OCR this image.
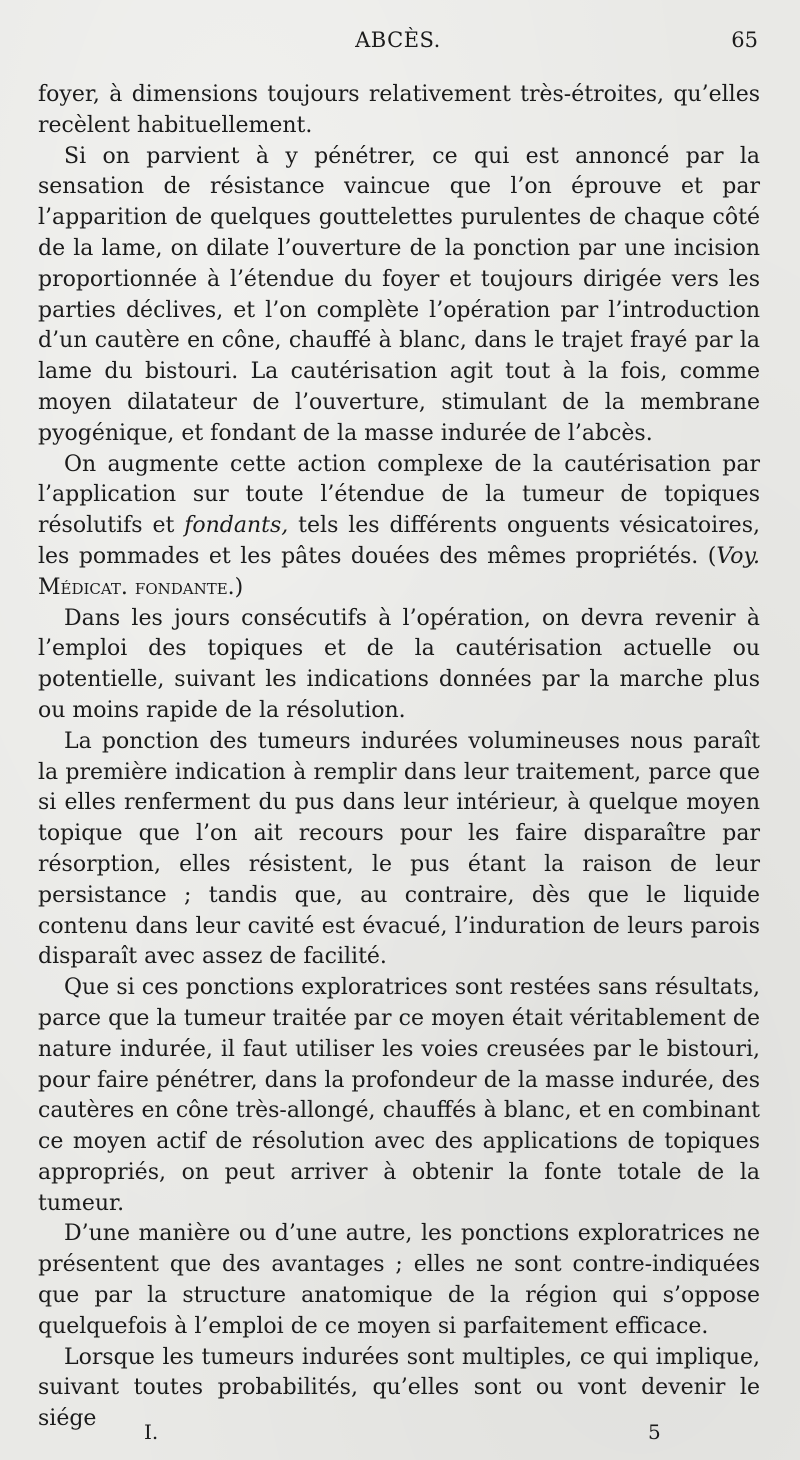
ABCÈS.	65

foyer, à dimensions toujours relativement très-étroites, qu’elles recèlent habituellement.

Si on parvient à y pénétrer, ce qui est annoncé par la sensation de résistance vaincue que l’on éprouve et par l’apparition de quelques gouttelettes purulentes de chaque côté de la lame, on dilate l’ouverture de la ponction par une incision proportionnée à l’étendue du foyer et toujours dirigée vers les parties déclives, et l’on complète l’opération par l’introduction d’un cautère en cône, chauffé à blanc, dans le trajet frayé par la lame du bistouri. La cautérisation agit tout à la fois, comme moyen dilatateur de l’ouverture, stimulant de la membrane pyogénique, et fondant de la masse indurée de l’abcès.

On augmente cette action complexe de la cautérisation par l’application sur toute l’étendue de la tumeur de topiques résolutifs et fondants, tels les différents onguents vésicatoires, les pommades et les pâtes douées des mêmes propriétés. (Voy. Médicat. fondante.)

Dans les jours consécutifs à l’opération, on devra revenir à l’emploi des topiques et de la cautérisation actuelle ou potentielle, suivant les indications données par la marche plus ou moins rapide de la résolution.

La ponction des tumeurs indurées volumineuses nous paraît la première indication à remplir dans leur traitement, parce que si elles renferment du pus dans leur intérieur, à quelque moyen topique que l’on ait recours pour les faire disparaître par résorption, elles résistent, le pus étant la raison de leur persistance ; tandis que, au contraire, dès que le liquide contenu dans leur cavité est évacué, l’induration de leurs parois disparaît avec assez de facilité.

Que si ces ponctions exploratrices sont restées sans résultats, parce que la tumeur traitée par ce moyen était véritablement de nature indurée, il faut utiliser les voies creusées par le bistouri, pour faire pénétrer, dans la profondeur de la masse indurée, des cautères en cône très-allongé, chauffés à blanc, et en combinant ce moyen actif de résolution avec des applications de topiques appropriés, on peut arriver à obtenir la fonte totale de la tumeur.

D’une manière ou d’une autre, les ponctions exploratrices ne présentent que des avantages ; elles ne sont contre-indiquées que par la structure anatomique de la région qui s’oppose quelquefois à l’emploi de ce moyen si parfaitement efficace.

Lorsque les tumeurs indurées sont multiples, ce qui implique, suivant toutes probabilités, qu’elles sont ou vont devenir le siége

I.	5
